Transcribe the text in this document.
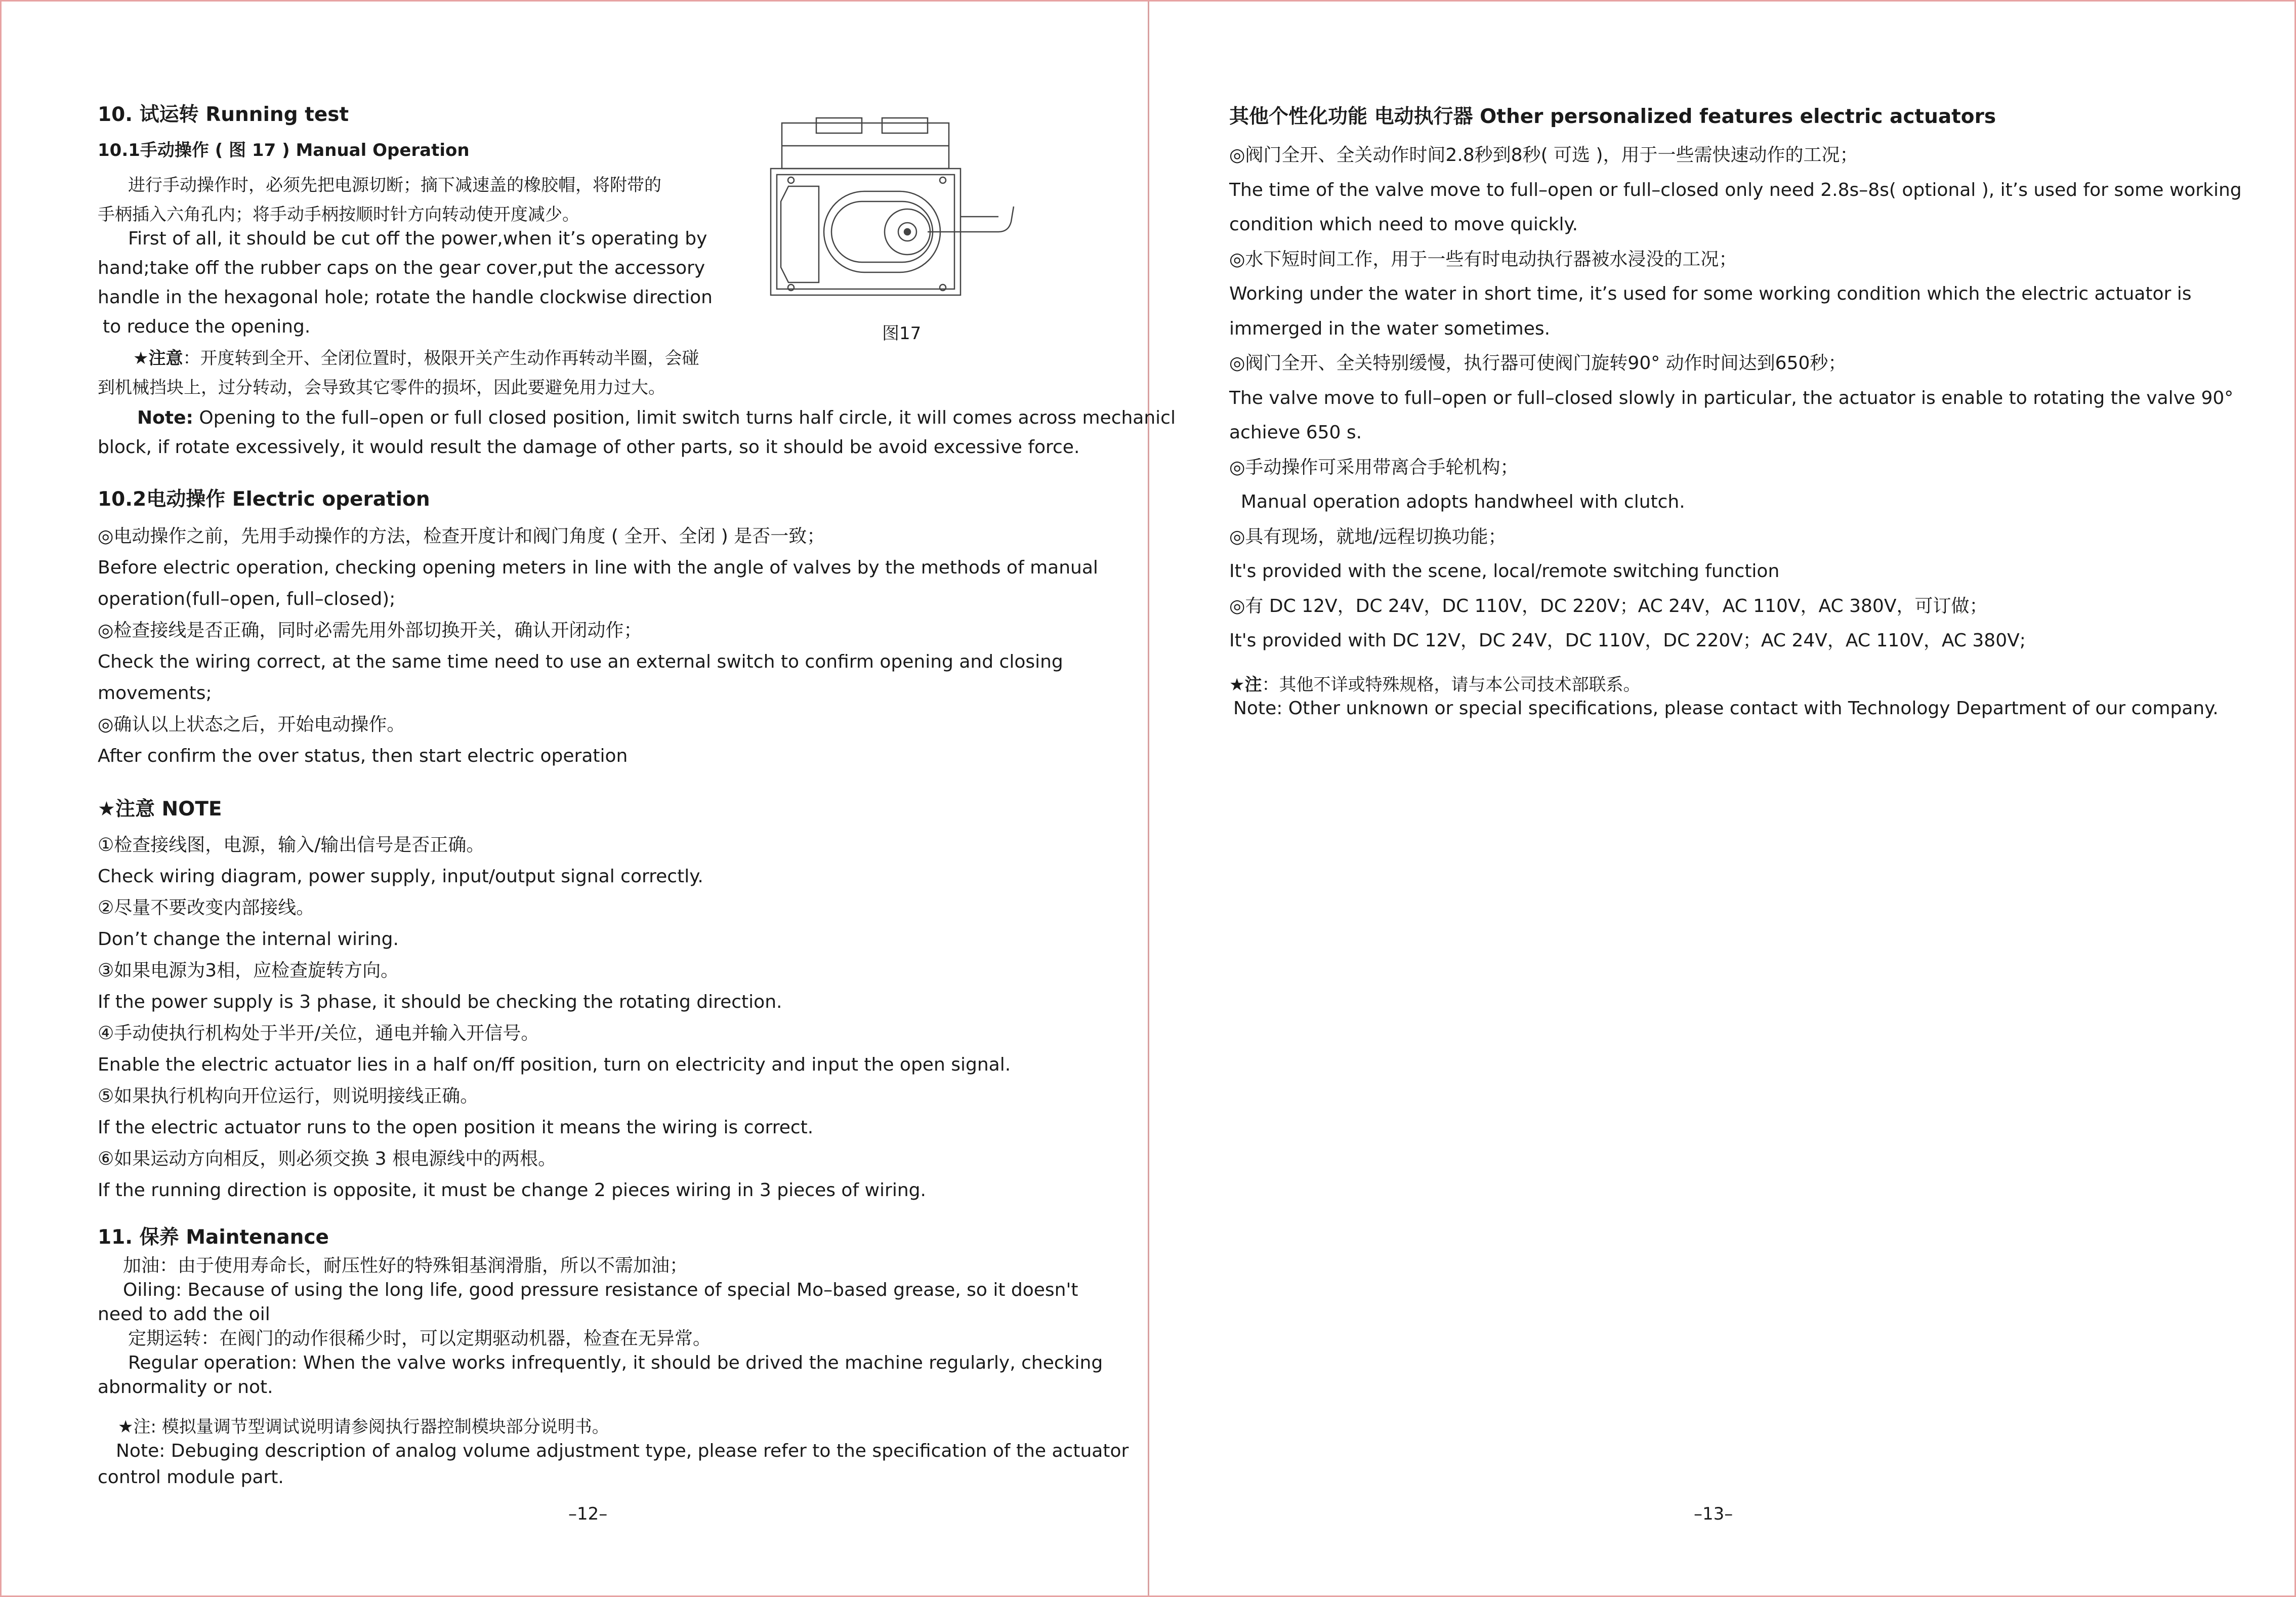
10. 试运转 Running test
10.1手动操作 ( 图 17 ) Manual Operation
进行手动操作时，必须先把电源切断；摘下减速盖的橡胶帽，将附带的
手柄插入六角孔内；将手动手柄按顺时针方向转动使开度减少。
First of all, it should be cut off the power,when it’s operating by
hand;take off the rubber caps on the gear cover,put the accessory
handle in the hexagonal hole; rotate the handle clockwise direction
to reduce the opening.	图17
★注意：开度转到全开、全闭位置时，极限开关产生动作再转动半圈，会碰
到机械挡块上，过分转动，会导致其它零件的损坏，因此要避免用力过大。
Note: Opening to the full–open or full closed position, limit switch turns half circle, it will comes across mechanicl
block, if rotate excessively, it would result the damage of other parts, so it should be avoid excessive force.
10.2电动操作 Electric operation
◎电动操作之前，先用手动操作的方法，检查开度计和阀门角度 ( 全开、全闭 ) 是否一致；
Before electric operation, checking opening meters in line with the angle of valves by the methods of manual
operation(full–open, full–closed);
◎检查接线是否正确，同时必需先用外部切换开关，确认开闭动作；
Check the wiring correct, at the same time need to use an external switch to confirm opening and closing
movements;
◎确认以上状态之后，开始电动操作。
After confirm the over status, then start electric operation
★注意 NOTE
①检查接线图，电源，输入/输出信号是否正确。
Check wiring diagram, power supply, input/output signal correctly.
②尽量不要改变内部接线。
Don’t change the internal wiring.
③如果电源为3相，应检查旋转方向。
If the power supply is 3 phase, it should be checking the rotating direction.
④手动使执行机构处于半开/关位，通电并输入开信号。
Enable the electric actuator lies in a half on/ff position, turn on electricity and input the open signal.
⑤如果执行机构向开位运行，则说明接线正确。
If the electric actuator runs to the open position it means the wiring is correct.
⑥如果运动方向相反，则必须交换 3 根电源线中的两根。
If the running direction is opposite, it must be change 2 pieces wiring in 3 pieces of wiring.
11. 保养 Maintenance
加油：由于使用寿命长，耐压性好的特殊钼基润滑脂，所以不需加油；
Oiling: Because of using the long life, good pressure resistance of special Mo–based grease, so it doesn't
need to add the oil
定期运转：在阀门的动作很稀少时，可以定期驱动机器，检查在无异常。
Regular operation: When the valve works infrequently, it should be drived the machine regularly, checking
abnormality or not.
★注: 模拟量调节型调试说明请参阅执行器控制模块部分说明书。
Note: Debuging description of analog volume adjustment type, please refer to the specification of the actuator
control module part.
–12–
其他个性化功能 电动执行器 Other personalized features electric actuators
◎阀门全开、全关动作时间2.8秒到8秒( 可选 )，用于一些需快速动作的工况；
The time of the valve move to full–open or full–closed only need 2.8s–8s( optional ), it’s used for some working
condition which need to move quickly.
◎水下短时间工作，用于一些有时电动执行器被水浸没的工况；
Working under the water in short time, it’s used for some working condition which the electric actuator is
immerged in the water sometimes.
◎阀门全开、全关特别缓慢，执行器可使阀门旋转90° 动作时间达到650秒；
The valve move to full–open or full–closed slowly in particular, the actuator is enable to rotating the valve 90°
achieve 650 s.
◎手动操作可采用带离合手轮机构；
Manual operation adopts handwheel with clutch.
◎具有现场，就地/远程切换功能；
It's provided with the scene, local/remote switching function
◎有 DC 12V，DC 24V，DC 110V，DC 220V；AC 24V，AC 110V，AC 380V，可订做；
It's provided with DC 12V，DC 24V，DC 110V，DC 220V；AC 24V，AC 110V，AC 380V;
★注：其他不详或特殊规格，请与本公司技术部联系。
Note: Other unknown or special specifications, please contact with Technology Department of our company.
–13–
